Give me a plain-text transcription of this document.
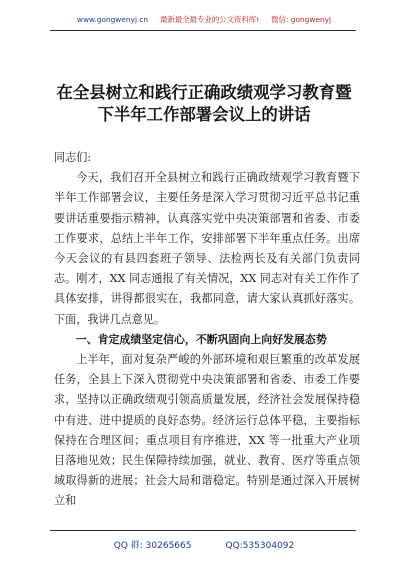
www.gongwenyj.cn 最新最全最专业的公文资料库! 微信: gongwenyj
在全县树立和践行正确政绩观学习教育暨
下半年工作部署会议上的讲话

同志们:

今天，我们召开全县树立和践行正确政绩观学习教育暨下半年工作部署会议，主要任务是深入学习贯彻习近平总书记重要讲话重要指示精神，认真落实党中央决策部署和省委、市委工作要求，总结上半年工作，安排部署下半年重点任务。出席今天会议的有县四套班子领导、法检两长及有关部门负责同志。刚才，XX 同志通报了有关情况，XX 同志对有关工作作了具体安排，讲得都很实在，我都同意，请大家认真抓好落实。下面，我讲几点意见。

一、肯定成绩坚定信心，不断巩固向上向好发展态势

上半年，面对复杂严峻的外部环境和艰巨繁重的改革发展任务，全县上下深入贯彻党中央决策部署和省委、市委工作要求，坚持以正确政绩观引领高质量发展，经济社会发展保持稳中有进、进中提质的良好态势。经济运行总体平稳，主要指标保持在合理区间；重点项目有序推进，XX 等一批重大产业项目落地见效；民生保障持续加强，就业、教育、医疗等重点领域取得新的进展；社会大局和谐稳定。特别是通过深入开展树立和

QQ 群: 30265665	QQ:535304092
